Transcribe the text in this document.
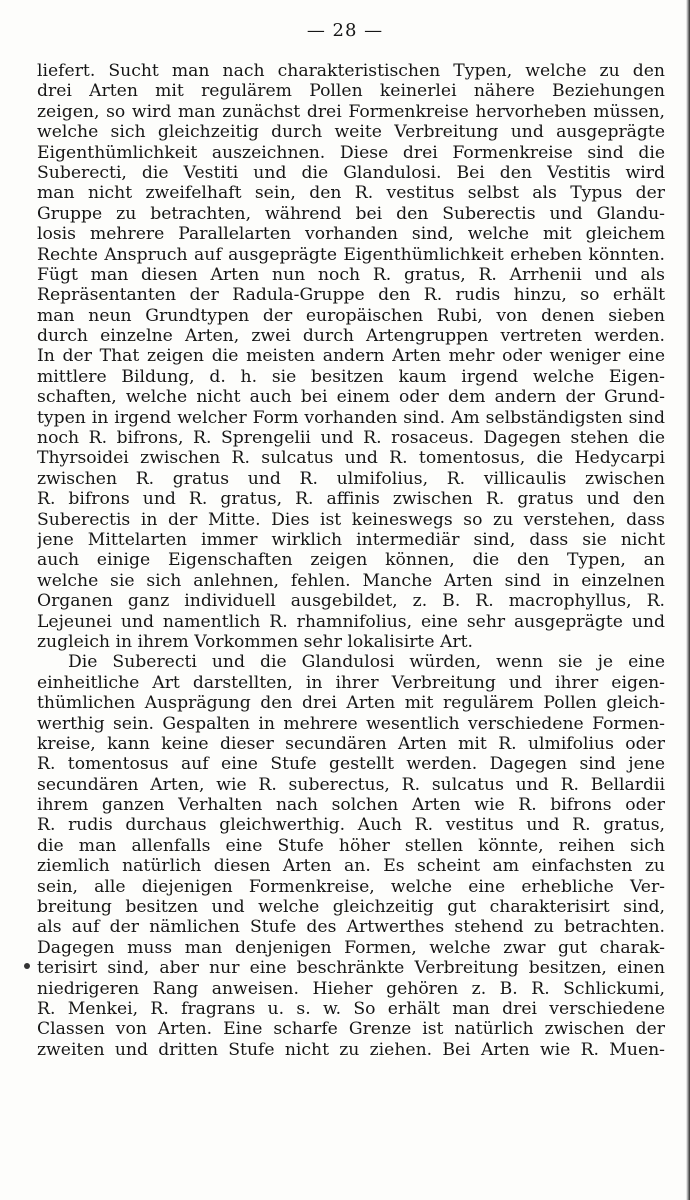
— 28 —
liefert. Sucht man nach charakteristischen Typen, welche zu den
drei Arten mit regulärem Pollen keinerlei nähere Beziehungen
zeigen, so wird man zunächst drei Formenkreise hervorheben müssen,
welche sich gleichzeitig durch weite Verbreitung und ausgeprägte
Eigenthümlichkeit auszeichnen. Diese drei Formenkreise sind die
Suberecti, die Vestiti und die Glandulosi. Bei den Vestitis wird
man nicht zweifelhaft sein, den R. vestitus selbst als Typus der
Gruppe zu betrachten, während bei den Suberectis und Glandu-
losis mehrere Parallelarten vorhanden sind, welche mit gleichem
Rechte Anspruch auf ausgeprägte Eigenthümlichkeit erheben könnten.
Fügt man diesen Arten nun noch R. gratus, R. Arrhenii und als
Repräsentanten der Radula-Gruppe den R. rudis hinzu, so erhält
man neun Grundtypen der europäischen Rubi, von denen sieben
durch einzelne Arten, zwei durch Artengruppen vertreten werden.
In der That zeigen die meisten andern Arten mehr oder weniger eine
mittlere Bildung, d. h. sie besitzen kaum irgend welche Eigen-
schaften, welche nicht auch bei einem oder dem andern der Grund-
typen in irgend welcher Form vorhanden sind. Am selbständigsten sind
noch R. bifrons, R. Sprengelii und R. rosaceus. Dagegen stehen die
Thyrsoidei zwischen R. sulcatus und R. tomentosus, die Hedycarpi
zwischen R. gratus und R. ulmifolius, R. villicaulis zwischen
R. bifrons und R. gratus, R. affinis zwischen R. gratus und den
Suberectis in der Mitte. Dies ist keineswegs so zu verstehen, dass
jene Mittelarten immer wirklich intermediär sind, dass sie nicht
auch einige Eigenschaften zeigen können, die den Typen, an
welche sie sich anlehnen, fehlen. Manche Arten sind in einzelnen
Organen ganz individuell ausgebildet, z. B. R. macrophyllus, R.
Lejeunei und namentlich R. rhamnifolius, eine sehr ausgeprägte und
zugleich in ihrem Vorkommen sehr lokalisirte Art.
Die Suberecti und die Glandulosi würden, wenn sie je eine
einheitliche Art darstellten, in ihrer Verbreitung und ihrer eigen-
thümlichen Ausprägung den drei Arten mit regulärem Pollen gleich-
werthig sein. Gespalten in mehrere wesentlich verschiedene Formen-
kreise, kann keine dieser secundären Arten mit R. ulmifolius oder
R. tomentosus auf eine Stufe gestellt werden. Dagegen sind jene
secundären Arten, wie R. suberectus, R. sulcatus und R. Bellardii
ihrem ganzen Verhalten nach solchen Arten wie R. bifrons oder
R. rudis durchaus gleichwerthig. Auch R. vestitus und R. gratus,
die man allenfalls eine Stufe höher stellen könnte, reihen sich
ziemlich natürlich diesen Arten an. Es scheint am einfachsten zu
sein, alle diejenigen Formenkreise, welche eine erhebliche Ver-
breitung besitzen und welche gleichzeitig gut charakterisirt sind,
als auf der nämlichen Stufe des Artwerthes stehend zu betrachten.
Dagegen muss man denjenigen Formen, welche zwar gut charak-
terisirt sind, aber nur eine beschränkte Verbreitung besitzen, einen
niedrigeren Rang anweisen. Hieher gehören z. B. R. Schlickumi,
R. Menkei, R. fragrans u. s. w. So erhält man drei verschiedene
Classen von Arten. Eine scharfe Grenze ist natürlich zwischen der
zweiten und dritten Stufe nicht zu ziehen. Bei Arten wie R. Muen-
